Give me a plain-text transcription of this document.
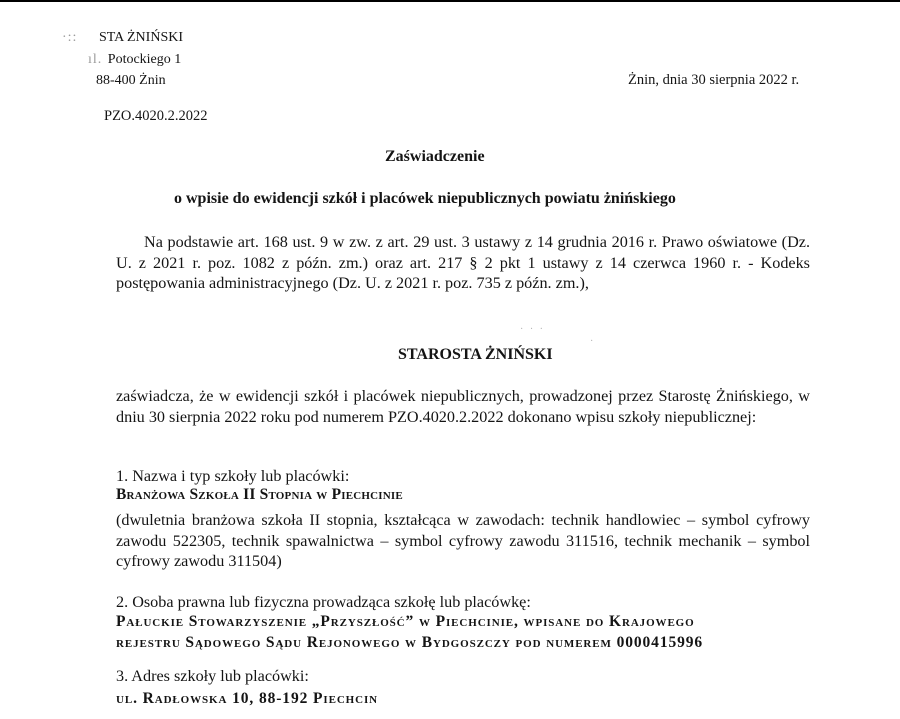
·:: STA ŻNIŃSKI
ıl. Potockiego 1
88-400 Żnin	Żnin, dnia 30 sierpnia 2022 r.
PZO.4020.2.2022
Zaświadczenie
o wpisie do ewidencji szkół i placówek niepublicznych powiatu żnińskiego
Na podstawie art. 168 ust. 9 w zw. z art. 29 ust. 3 ustawy z 14 grudnia 2016 r. Prawo oświatowe (Dz. U. z 2021 r. poz. 1082 z późn. zm.) oraz art. 217 § 2 pkt 1 ustawy z 14 czerwca 1960 r. - Kodeks postępowania administracyjnego (Dz. U. z 2021 r. poz. 735 z późn. zm.),
· · ·
·
STAROSTA ŻNIŃSKI
zaświadcza, że w ewidencji szkół i placówek niepublicznych, prowadzonej przez Starostę Żnińskiego, w dniu 30 sierpnia 2022 roku pod numerem PZO.4020.2.2022 dokonano wpisu szkoły niepublicznej:
1. Nazwa i typ szkoły lub placówki:
Branżowa Szkoła II Stopnia w Piechcinie
(dwuletnia branżowa szkoła II stopnia, kształcąca w zawodach: technik handlowiec – symbol cyfrowy zawodu 522305, technik spawalnictwa – symbol cyfrowy zawodu 311516, technik mechanik – symbol cyfrowy zawodu 311504)
2. Osoba prawna lub fizyczna prowadząca szkołę lub placówkę:
Pałuckie Stowarzyszenie „Przyszłość” w Piechcinie, wpisane do Krajowego
rejestru Sądowego Sądu Rejonowego w Bydgoszczy pod numerem 0000415996
3. Adres szkoły lub placówki:
ul. Radłowska 10, 88-192 Piechcin
